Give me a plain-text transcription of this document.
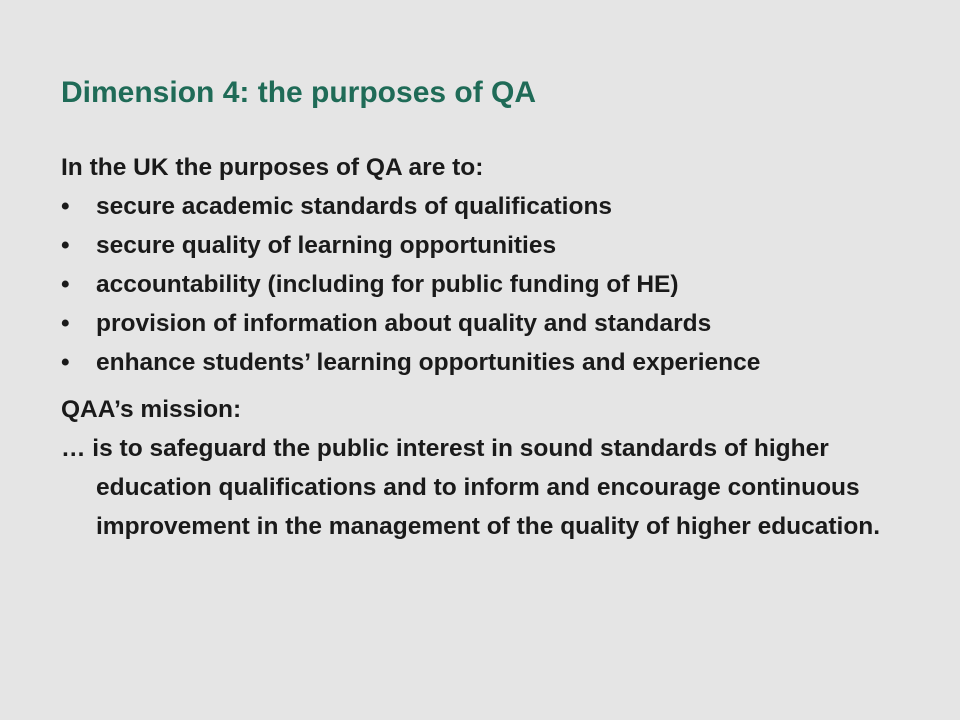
Dimension 4: the purposes of QA

In the UK the purposes of QA are to:

• secure academic standards of qualifications
• secure quality of learning opportunities
• accountability (including for public funding of HE)
• provision of information about quality and standards
• enhance students’ learning opportunities and experience

QAA’s mission:

… is to safeguard the public interest in sound standards of higher education qualifications and to inform and encourage continuous improvement in the management of the quality of higher education.
